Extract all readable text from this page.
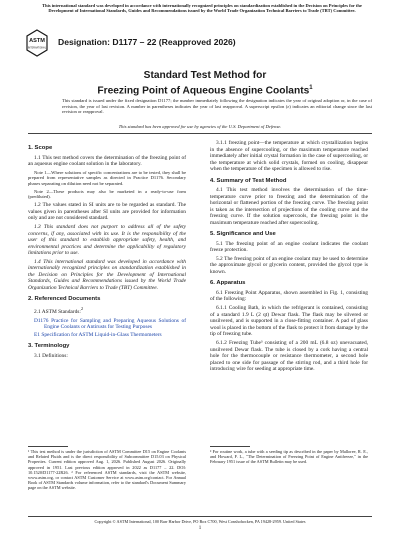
This international standard was developed in accordance with internationally recognized principles on standardization established in the Decision on Principles for the Development of International Standards, Guides and Recommendations issued by the World Trade Organization Technical Barriers to Trade (TBT) Committee.
ASTM
INTERNATIONAL
Designation: D1177 – 22 (Reapproved 2026)
Standard Test Method for
Freezing Point of Aqueous Engine Coolants$^1$
This standard is issued under the fixed designation D1177; the number immediately following the designation indicates the year of original adoption or, in the case of revision, the year of last revision. A number in parentheses indicates the year of last reapproval. A superscript epsilon (ε) indicates an editorial change since the last revision or reapproval.
This standard has been approved for use by agencies of the U.S. Department of Defense.
1. Scope

1.1 This test method covers the determination of the freezing point of an aqueous engine coolant solution in the laboratory.

Note 1—Where solutions of specific concentrations are to be tested, they shall be prepared from representative samples as directed in Practice D1176. Secondary phases separating on dilution need not be separated.

Note 2—These products may also be marketed in a ready-to-use form (prediluted).

1.2 The values stated in SI units are to be regarded as standard. The values given in parentheses after SI units are provided for information only and are not considered standard.

1.3 This standard does not purport to address all of the safety concerns, if any, associated with its use. It is the responsibility of the user of this standard to establish appropriate safety, health, and environmental practices and determine the applicability of regulatory limitations prior to use.

1.4 This international standard was developed in accordance with internationally recognized principles on standardization established in the Decision on Principles for the Development of International Standards, Guides and Recommendations issued by the World Trade Organization Technical Barriers to Trade (TBT) Committee.

2. Referenced Documents

2.1 ASTM Standards:$^2$

D1176 Practice for Sampling and Preparing Aqueous Solutions of Engine Coolants or Antirusts for Testing Purposes

E1 Specification for ASTM Liquid-in-Glass Thermometers

3. Terminology

3.1 Definitions:

3.1.1 freezing point—the temperature at which crystallization begins in the absence of supercooling, or the maximum temperature reached immediately after initial crystal formation in the case of supercooling, or the temperature at which solid crystals, formed on cooling, disappear when the temperature of the specimen is allowed to rise.

4. Summary of Test Method

4.1 This test method involves the determination of the time-temperature curve prior to freezing and the determination of the horizontal or flattened portion of the freezing curve. The freezing point is taken as the intersection of projections of the cooling curve and the freezing curve. If the solution supercools, the freezing point is the maximum temperature reached after supercooling.

5. Significance and Use

5.1 The freezing point of an engine coolant indicates the coolant freeze protection.

5.2 The freezing point of an engine coolant may be used to determine the approximate glycol or glycerin content, provided the glycol type is known.

6. Apparatus

6.1 Freezing Point Apparatus, shown assembled in Fig. 1, consisting of the following:

6.1.1 Cooling Bath, in which the refrigerant is contained, consisting of a standard 1.9 L (2 qt) Dewar flask. The flask may be silvered or unsilvered, and is supported in a close-fitting container. A pad of glass wool is placed in the bottom of the flask to protect it from damage by the tip of freezing tube.

6.1.2 Freezing Tube³ consisting of a 200 mL (6.8 oz) unevacuated, unsilvered Dewar flask. The tube is closed by a cork having a central hole for the thermocouple or resistance thermometer, a second hole placed to one side for passage of the stirring rod, and a third hole for introducing wire for seeding at appropriate time.

¹ This test method is under the jurisdiction of ASTM Committee D15 on Engine Coolants and Related Fluids and is the direct responsibility of Subcommittee D15.03 on Physical Properties. Current edition approved Aug. 1, 2026. Published August 2026. Originally approved in 1951. Last previous edition approved in 2022 as D1177 – 22. DOI: 10.1520/D1177-22R26. ² For referenced ASTM standards, visit the ASTM website, www.astm.org, or contact ASTM Customer Service at www.astm.org/contact. For Annual Book of ASTM Standards volume information, refer to the standard's Document Summary page on the ASTM website.
³ For routine work, a tube with a seeding tip as described in the paper by Malloree, R. E., and Howard, F. L., "The Determination of Freezing Point of Engine Antifreeze," in the February 1951 issue of the ASTM Bulletin may be used.
Copyright © ASTM International, 100 Barr Harbor Drive, PO Box C700, West Conshohocken, PA 19428-2959. United States
1
